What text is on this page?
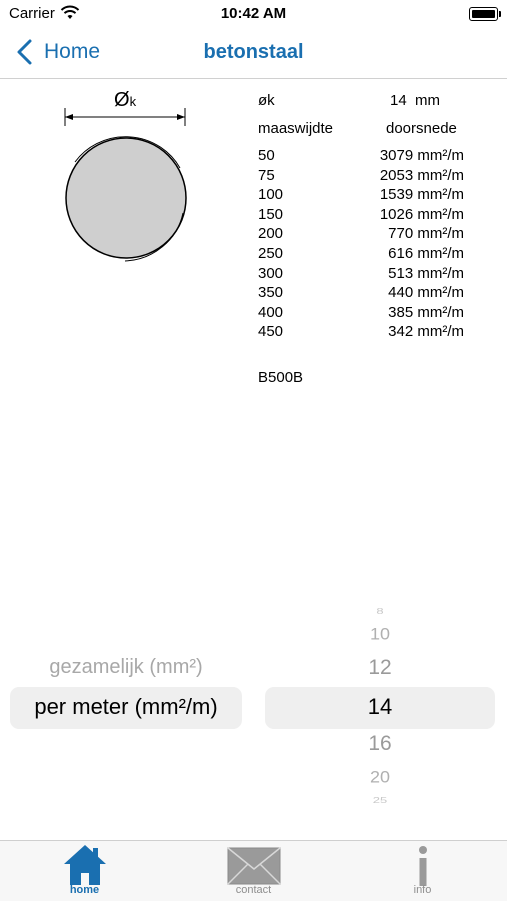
Carrier	10:42 AM
Home	betonstaal
Øk	øk	14  mm
maaswijdte	doorsnede
50	3079 mm²/m
75	2053 mm²/m
100	1539 mm²/m
150	1026 mm²/m
200	770 mm²/m
250	616 mm²/m
300	513 mm²/m
350	440 mm²/m
400	385 mm²/m
450	342 mm²/m
B500B
gezamelijk (mm²)
per meter (mm²/m)
8
10
12
14
16
20
25
home	contact	info
